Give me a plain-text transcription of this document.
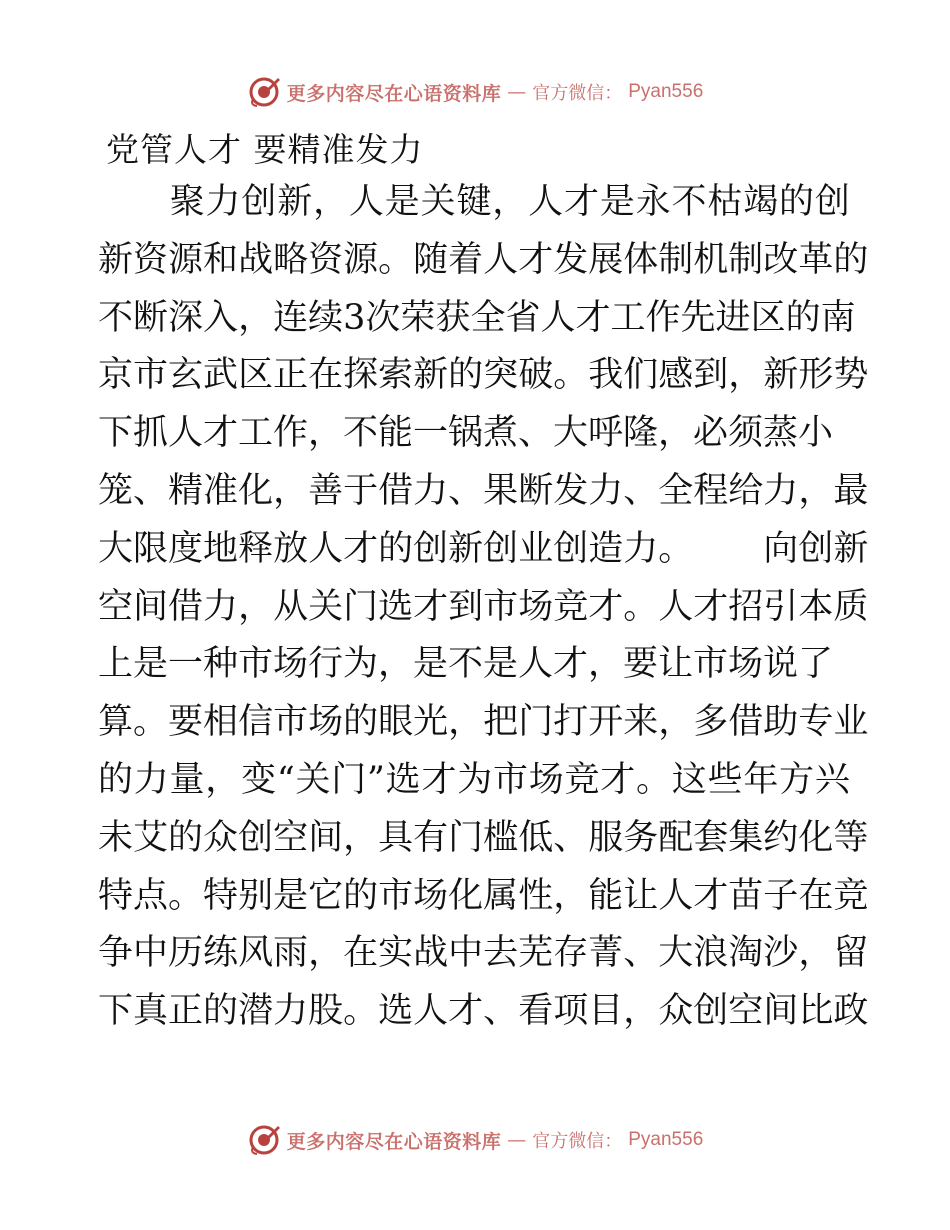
更多内容尽在心语资料库 — 官方微信： Pyan556
党管人才 要精准发力

聚 力 创 新 ， 人 是 关 键 ， 人 才 是 永 不 枯 竭 的 创
新 资 源 和 战 略 资 源 。 随 着 人 才 发 展 体 制 机 制 改 革 的
不 断 深 入 ， 连 续 3 次 荣 获 全 省 人 才 工 作 先 进 区 的 南
京 市 玄 武 区 正 在 探 索 新 的 突 破 。 我 们 感 到 ， 新 形 势
下抓人才工作，不能一锅煮、大呼隆，必须蒸小
笼 、 精 准 化 ， 善 于 借 力 、 果 断 发 力 、 全 程 给 力 ， 最
大 限 度 地 释 放 人 才 的 创 新 创 业 创 造 力 。

　 向 创 新
空 间 借 力 ， 从 关 门 选 才 到 市 场 竞 才 。 人 才 招 引 本 质
上是一种市场行为，是不是人才，要让市场说了
算 。 要 相 信 市 场 的 眼 光 ， 把 门 打 开 来 ， 多 借 助 专 业
的 力 量 ， 变 “ 关 门 ” 选 才 为 市 场 竞 才 。 这 些 年 方 兴
未 艾 的 众 创 空 间 ， 具 有 门 槛 低 、 服 务 配 套 集 约 化 等
特 点 。 特 别 是 它 的 市 场 化 属 性 ， 能 让 人 才 苗 子 在 竞
争 中 历 练 风 雨 ， 在 实 战 中 去 芜 存 菁 、 大 浪 淘 沙 ， 留
下 真 正 的 潜 力 股 。 选 人 才 、 看 项 目 ， 众 创 空 间 比 政
更多内容尽在心语资料库 — 官方微信： Pyan556
